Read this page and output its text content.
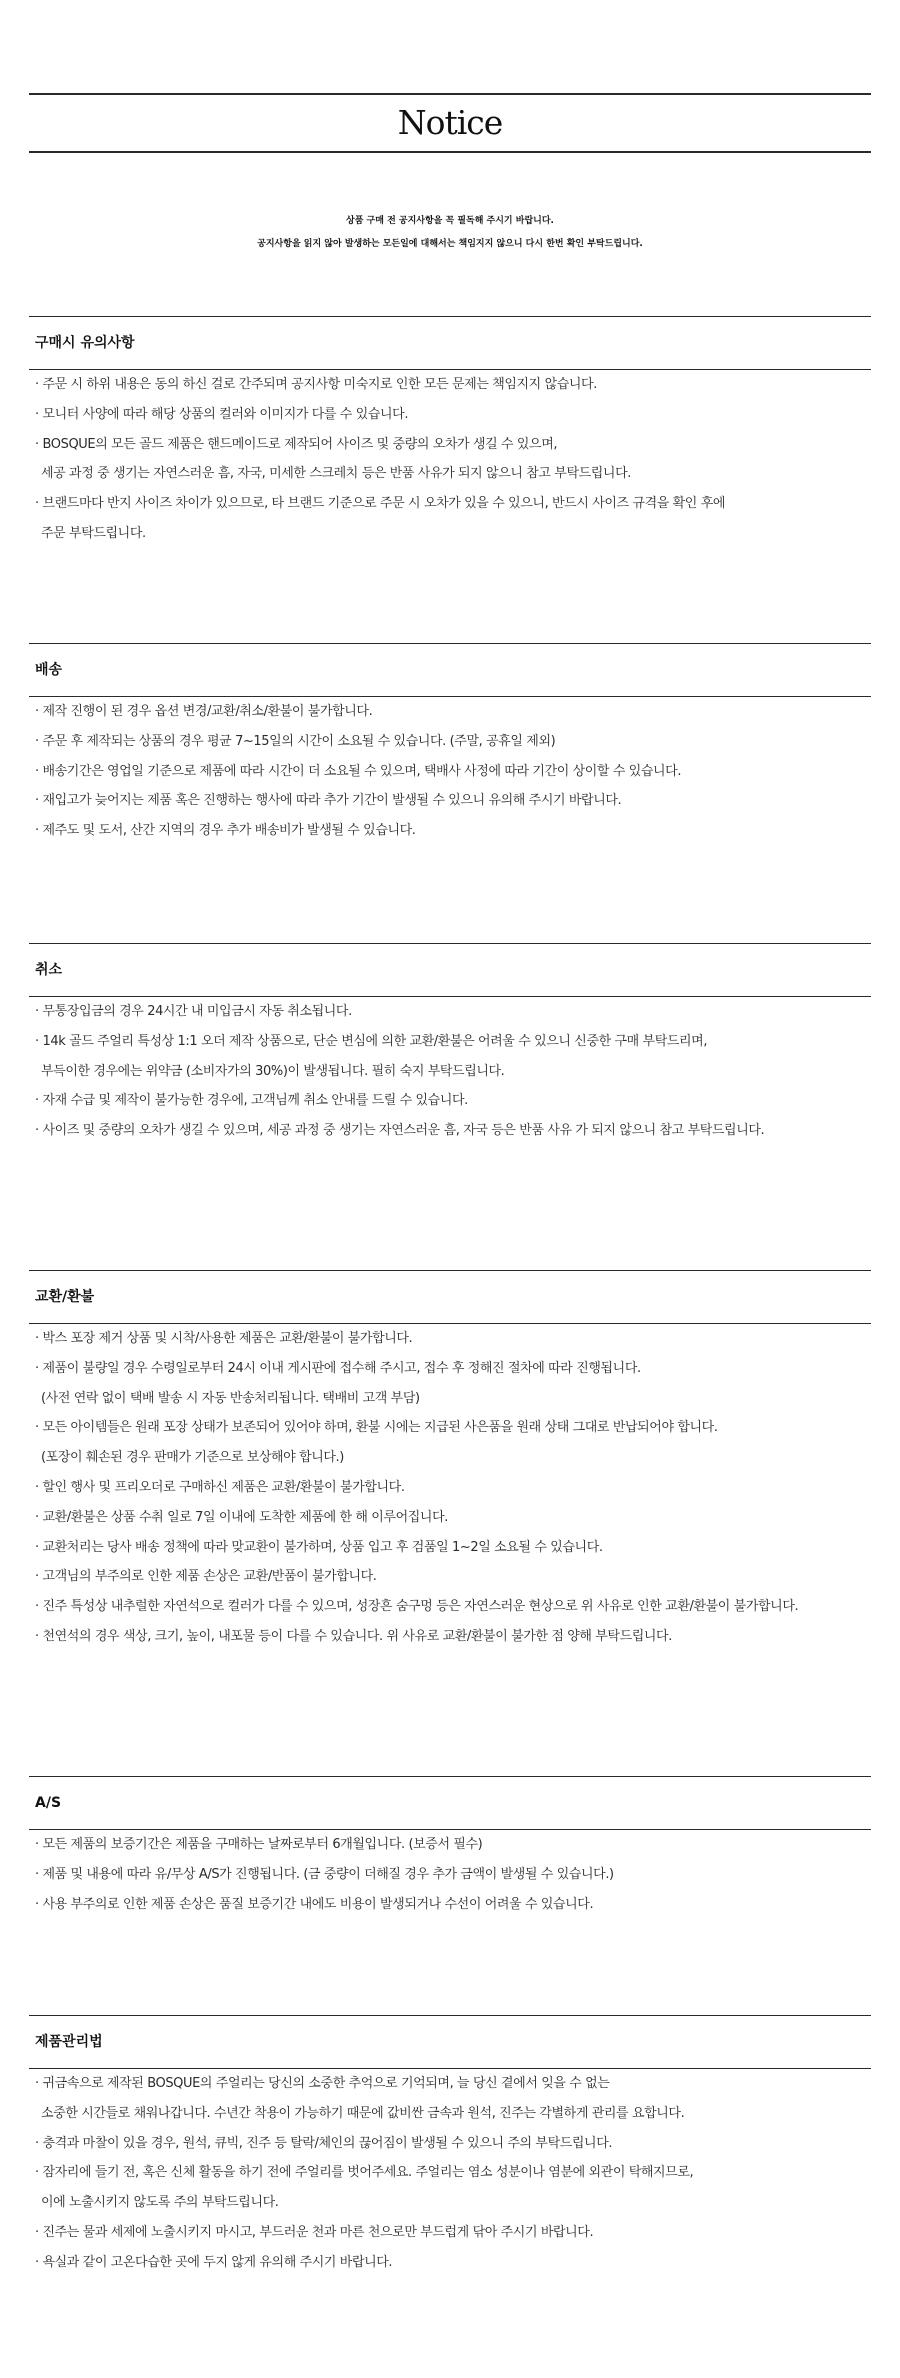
Notice
상품 구매 전 공지사항을 꼭 필독해 주시기 바랍니다.
공지사항을 읽지 않아 발생하는 모든일에 대해서는 책임지지 않으니 다시 한번 확인 부탁드립니다.
구매시 유의사항
· 주문 시 하위 내용은 동의 하신 걸로 간주되며 공지사항 미숙지로 인한 모든 문제는 책임지지 않습니다.
· 모니터 사양에 따라 해당 상품의 컬러와 이미지가 다를 수 있습니다.
· BOSQUE의 모든 골드 제품은 핸드메이드로 제작되어 사이즈 및 중량의 오차가 생길 수 있으며,
세공 과정 중 생기는 자연스러운 흠, 자국, 미세한 스크레치 등은 반품 사유가 되지 않으니 참고 부탁드립니다.
· 브랜드마다 반지 사이즈 차이가 있으므로, 타 브랜드 기준으로 주문 시 오차가 있을 수 있으니, 반드시 사이즈 규격을 확인 후에
주문 부탁드립니다.
배송
· 제작 진행이 된 경우 옵션 변경/교환/취소/환불이 불가합니다.
· 주문 후 제작되는 상품의 경우 평균 7~15일의 시간이 소요될 수 있습니다. (주말, 공휴일 제외)
· 배송기간은 영업일 기준으로 제품에 따라 시간이 더 소요될 수 있으며, 택배사 사정에 따라 기간이 상이할 수 있습니다.
· 재입고가 늦어지는 제품 혹은 진행하는 행사에 따라 추가 기간이 발생될 수 있으니 유의해 주시기 바랍니다.
· 제주도 및 도서, 산간 지역의 경우 추가 배송비가 발생될 수 있습니다.
취소
· 무통장입금의 경우 24시간 내 미입금시 자동 취소됩니다.
· 14k 골드 주얼리 특성상 1:1 오더 제작 상품으로, 단순 변심에 의한 교환/환불은 어려울 수 있으니 신중한 구매 부탁드리며,
부득이한 경우에는 위약금 (소비자가의 30%)이 발생됩니다. 필히 숙지 부탁드립니다.
· 자재 수급 및 제작이 불가능한 경우에, 고객님께 취소 안내를 드릴 수 있습니다.
· 사이즈 및 중량의 오차가 생길 수 있으며, 세공 과정 중 생기는 자연스러운 흠, 자국 등은 반품 사유 가 되지 않으니 참고 부탁드립니다.
교환/환불
· 박스 포장 제거 상품 및 시착/사용한 제품은 교환/환불이 불가합니다.
· 제품이 불량일 경우 수령일로부터 24시 이내 게시판에 접수해 주시고, 접수 후 정해진 절차에 따라 진행됩니다.
(사전 연락 없이 택배 발송 시 자동 반송처리됩니다. 택배비 고객 부담)
· 모든 아이템들은 원래 포장 상태가 보존되어 있어야 하며, 환불 시에는 지급된 사은품을 원래 상태 그대로 반납되어야 합니다.
(포장이 훼손된 경우 판매가 기준으로 보상해야 합니다.)
· 할인 행사 및 프리오더로 구매하신 제품은 교환/환불이 불가합니다.
· 교환/환불은 상품 수취 일로 7일 이내에 도착한 제품에 한 해 이루어집니다.
· 교환처리는 당사 배송 정책에 따라 맞교환이 불가하며, 상품 입고 후 검품일 1~2일 소요될 수 있습니다.
· 고객님의 부주의로 인한 제품 손상은 교환/반품이 불가합니다.
· 진주 특성상 내추럴한 자연석으로 컬러가 다를 수 있으며, 성장흔 숨구멍 등은 자연스러운 현상으로 위 사유로 인한 교환/환불이 불가합니다.
· 천연석의 경우 색상, 크기, 높이, 내포물 등이 다를 수 있습니다. 위 사유로 교환/환불이 불가한 점 양해 부탁드립니다.
A/S
· 모든 제품의 보증기간은 제품을 구매하는 날짜로부터 6개월입니다. (보증서 필수)
· 제품 및 내용에 따라 유/무상 A/S가 진행됩니다. (금 중량이 더해질 경우 추가 금액이 발생될 수 있습니다.)
· 사용 부주의로 인한 제품 손상은 품질 보증기간 내에도 비용이 발생되거나 수선이 어려울 수 있습니다.
제품관리법
· 귀금속으로 제작된 BOSQUE의 주얼리는 당신의 소중한 추억으로 기억되며, 늘 당신 곁에서 잊을 수 없는
소중한 시간들로 채워나갑니다. 수년간 착용이 가능하기 때문에 값비싼 금속과 원석, 진주는 각별하게 관리를 요합니다.
· 충격과 마찰이 있을 경우, 원석, 큐빅, 진주 등 탈락/체인의 끊어짐이 발생될 수 있으니 주의 부탁드립니다.
· 잠자리에 들기 전, 혹은 신체 활동을 하기 전에 주얼리를 벗어주세요. 주얼리는 염소 성분이나 염분에 외관이 탁해지므로,
이에 노출시키지 않도록 주의 부탁드립니다.
· 진주는 물과 세제에 노출시키지 마시고, 부드러운 천과 마른 천으로만 부드럽게 닦아 주시기 바랍니다.
· 욕실과 같이 고온다습한 곳에 두지 않게 유의해 주시기 바랍니다.
